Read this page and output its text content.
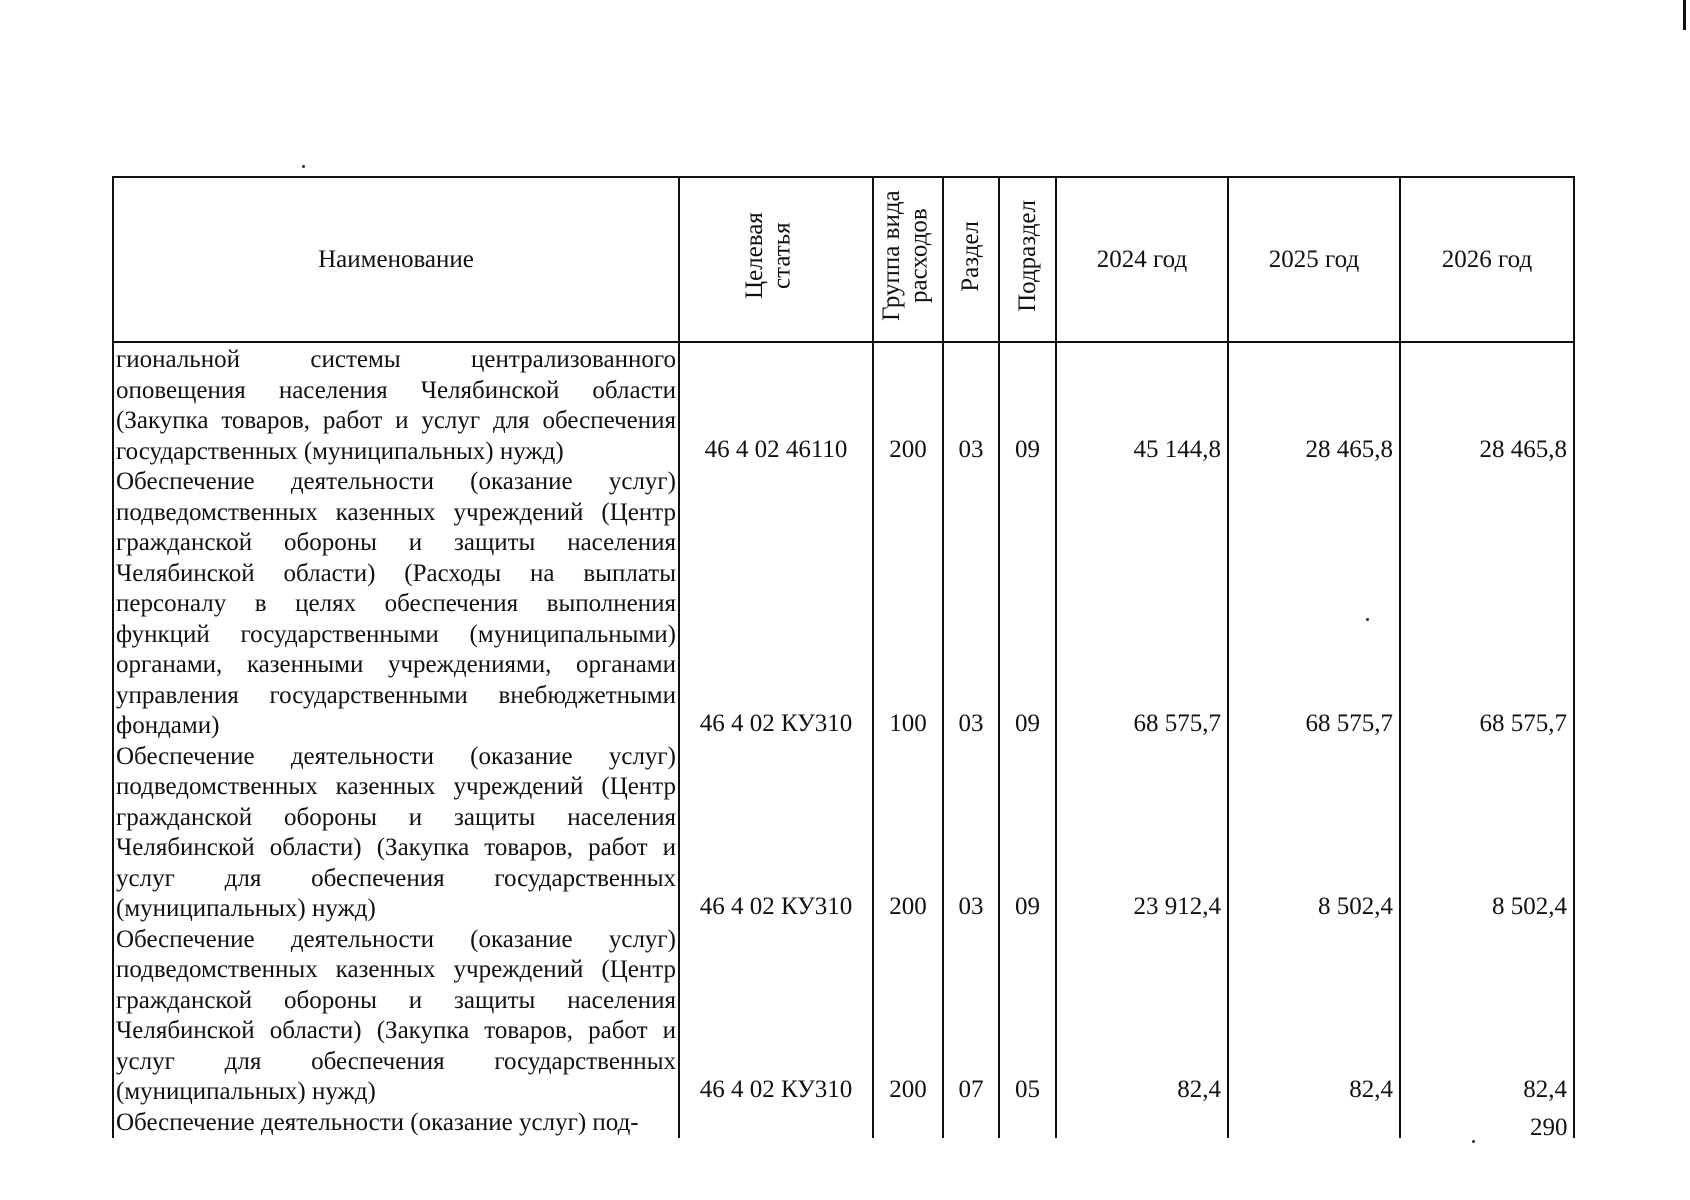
Наименование	Целевая статья	Группа вида расходов	Раздел	Подраздел	2024 год	2025 год	2026 год
гиональной системы централизованного оповещения населения Челябинской области (Закупка товаров, работ и услуг для обеспечения государственных (муниципальных) нужд)	46 4 02 46110	200	03	09	45 144,8	28 465,8	28 465,8
Обеспечение деятельности (оказание услуг) подведомственных казенных учреждений (Центр гражданской обороны и защиты населения Челябинской области) (Расходы на выплаты персоналу в целях обеспечения выполнения функций государственными (муниципальными) органами, казенными учреждениями, органами управления государственными внебюджетными фондами)	46 4 02 КУ310	100	03	09	68 575,7	68 575,7	68 575,7
Обеспечение деятельности (оказание услуг) подведомственных казенных учреждений (Центр гражданской обороны и защиты населения Челябинской области) (Закупка товаров, работ и услуг для обеспечения государственных (муниципальных) нужд)	46 4 02 КУ310	200	03	09	23 912,4	8 502,4	8 502,4
Обеспечение деятельности (оказание услуг) подведомственных казенных учреждений (Центр гражданской обороны и защиты населения Челябинской области) (Закупка товаров, работ и услуг для обеспечения государственных (муниципальных) нужд)	46 4 02 КУ310	200	07	05	82,4	82,4	82,4
Обеспечение деятельности (оказание услуг) под-								290
